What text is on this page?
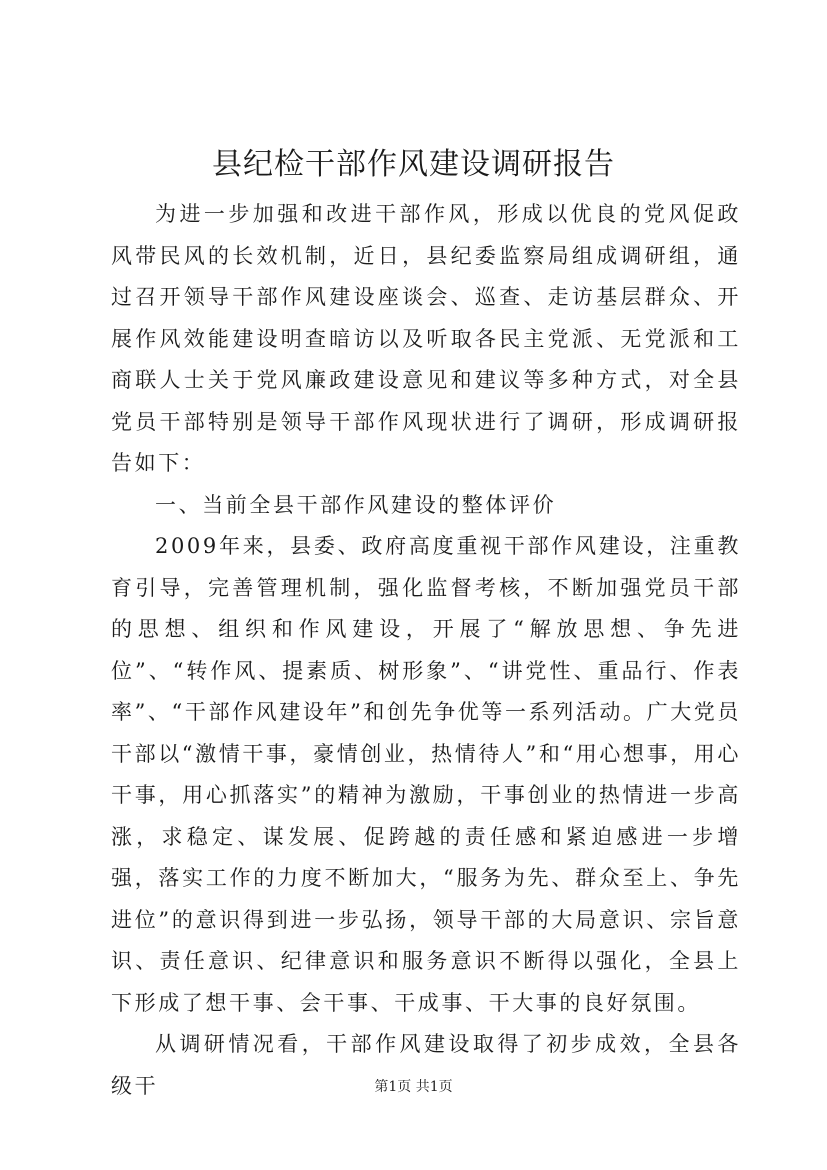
县纪检干部作风建设调研报告

为进一步加强和改进干部作风，形成以优良的党风促政风带民风的长效机制，近日，县纪委监察局组成调研组，通过召开领导干部作风建设座谈会、巡查、走访基层群众、开展作风效能建设明查暗访以及听取各民主党派、无党派和工商联人士关于党风廉政建设意见和建议等多种方式，对全县党员干部特别是领导干部作风现状进行了调研，形成调研报告如下：

一、当前全县干部作风建设的整体评价

2009年来，县委、政府高度重视干部作风建设，注重教育引导，完善管理机制，强化监督考核，不断加强党员干部的思想、组织和作风建设，开展了“解放思想、争先进位”、“转作风、提素质、树形象”、“讲党性、重品行、作表率”、“干部作风建设年”和创先争优等一系列活动。广大党员干部以“激情干事，豪情创业，热情待人”和“用心想事，用心干事，用心抓落实”的精神为激励，干事创业的热情进一步高涨，求稳定、谋发展、促跨越的责任感和紧迫感进一步增强，落实工作的力度不断加大，“服务为先、群众至上、争先进位”的意识得到进一步弘扬，领导干部的大局意识、宗旨意识、责任意识、纪律意识和服务意识不断得以强化，全县上下形成了想干事、会干事、干成事、干大事的良好氛围。

从调研情况看，干部作风建设取得了初步成效，全县各级干	第1页 共1页
